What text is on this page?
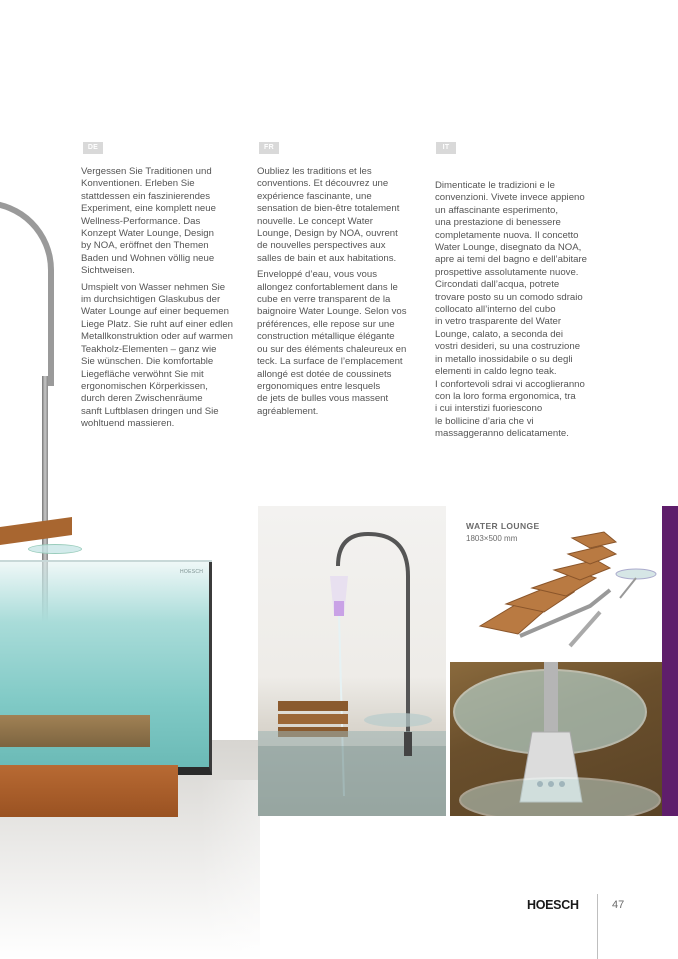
HOESCH
DE	FR	IT

Vergessen Sie Traditionen und
Konventionen. Erleben Sie
stattdessen ein faszinierendes
Experiment, eine komplett neue
Wellness-Performance. Das
Konzept Water Lounge, Design
by NOA, eröffnet den Themen
Baden und Wohnen völlig neue
Sichtweisen.

Umspielt von Wasser nehmen Sie
im durchsichtigen Glaskubus der
Water Lounge auf einer bequemen
Liege Platz. Sie ruht auf einer edlen
Metallkonstruktion oder auf warmen
Teakholz-Elementen – ganz wie
Sie wünschen. Die komfortable
Liegefläche verwöhnt Sie mit
ergonomischen Körperkissen,
durch deren Zwischenräume
sanft Luftblasen dringen und Sie
wohltuend massieren.

Oubliez les traditions et les
conventions. Et découvrez une
expérience fascinante, une
sensation de bien-être totalement
nouvelle. Le concept Water
Lounge, Design by NOA, ouvrent
de nouvelles perspectives aux
salles de bain et aux habitations.

Enveloppé d’eau, vous vous
allongez confortablement dans le
cube en verre transparent de la
baignoire Water Lounge. Selon vos
préférences, elle repose sur une
construction métallique élégante
ou sur des éléments chaleureux en
teck. La surface de l’emplacement
allongé est dotée de coussinets
ergonomiques entre lesquels
de jets de bulles vous massent
agréablement.

Dimenticate le tradizioni e le
convenzioni. Vivete invece appieno
un affascinante esperimento,
una prestazione di benessere
completamente nuova. Il concetto
Water Lounge, disegnato da NOA,
apre ai temi del bagno e dell’abitare
prospettive assolutamente nuove.
Circondati dall’acqua, potrete
trovare posto su un comodo sdraio
collocato all’interno del cubo
in vetro trasparente del Water
Lounge, calato, a seconda dei
vostri desideri, su una costruzione
in metallo inossidabile o su degli
elementi in caldo legno teak.
I confortevoli sdrai vi accoglieranno
con la loro forma ergonomica, tra
i cui interstizi fuoriescono
le bollicine d’aria che vi
massaggeranno delicatamente.

WATER LOUNGE
1803×500 mm
HOESCH	47
